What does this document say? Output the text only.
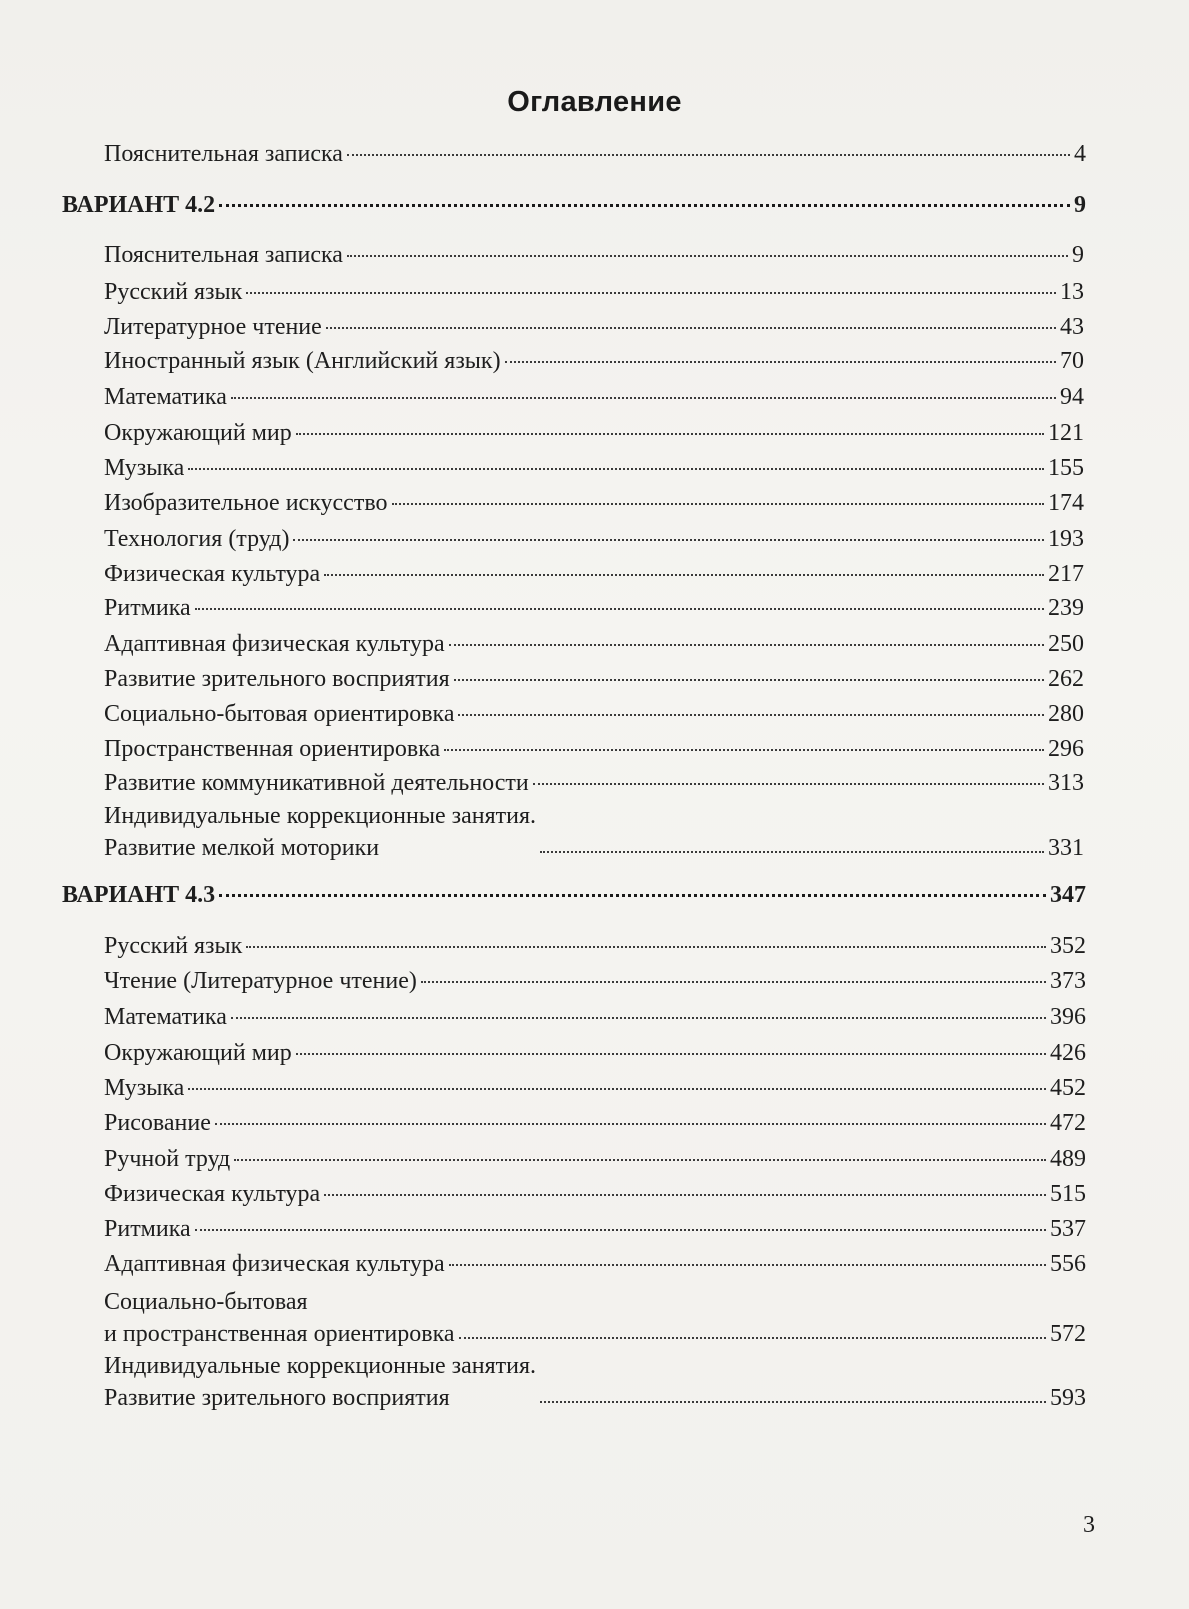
Оглавление
Пояснительная записка	4
ВАРИАНТ 4.2	9
Пояснительная записка	9
Русский язык	13
Литературное чтение	43
Иностранный язык (Английский язык)	70
Математика	94
Окружающий мир	121
Музыка	155
Изобразительное искусство	174
Технология (труд)	193
Физическая культура	217
Ритмика	239
Адаптивная физическая культура	250
Развитие зрительного восприятия	262
Социально-бытовая ориентировка	280
Пространственная ориентировка	296
Развитие коммуникативной деятельности	313
Индивидуальные коррекционные занятия.
Развитие мелкой моторики	331
ВАРИАНТ 4.3	347
Русский язык	352
Чтение (Литературное чтение)	373
Математика	396
Окружающий мир	426
Музыка	452
Рисование	472
Ручной труд	489
Физическая культура	515
Ритмика	537
Адаптивная физическая культура	556
Социально-бытовая
и пространственная ориентировка	572
Индивидуальные коррекционные занятия.
Развитие зрительного восприятия	593
3
